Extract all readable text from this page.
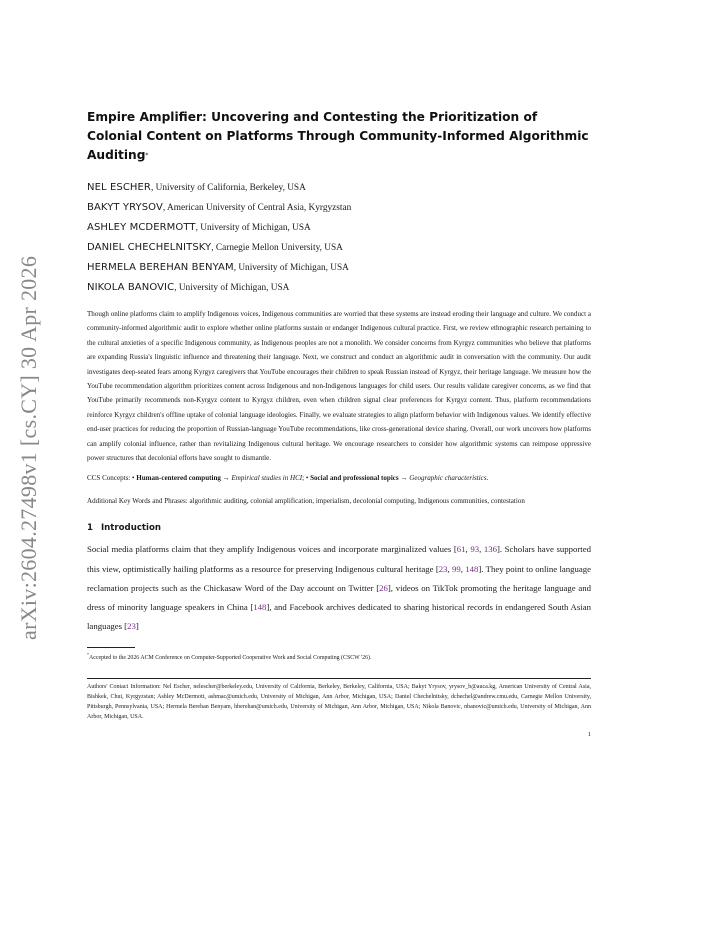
arXiv:2604.27498v1 [cs.CY] 30 Apr 2026
Empire Amplifier: Uncovering and Contesting the Prioritization of Colonial Content on Platforms Through Community-Informed Algorithmic Auditing*
NEL ESCHER, University of California, Berkeley, USA
BAKYT YRYSOV, American University of Central Asia, Kyrgyzstan
ASHLEY MCDERMOTT, University of Michigan, USA
DANIEL CHECHELNITSKY, Carnegie Mellon University, USA
HERMELA BEREHAN BENYAM, University of Michigan, USA
NIKOLA BANOVIC, University of Michigan, USA

Though online platforms claim to amplify Indigenous voices, Indigenous communities are worried that these systems are instead eroding their language and culture. We conduct a community-informed algorithmic audit to explore whether online platforms sustain or endanger Indigenous cultural practice. First, we review ethnographic research pertaining to the cultural anxieties of a specific Indigenous community, as Indigenous peoples are not a monolith. We consider concerns from Kyrgyz communities who believe that platforms are expanding Russia's linguistic influence and threatening their language. Next, we construct and conduct an algorithmic audit in conversation with the community. Our audit investigates deep-seated fears among Kyrgyz caregivers that YouTube encourages their children to speak Russian instead of Kyrgyz, their heritage language. We measure how the YouTube recommendation algorithm prioritizes content across Indigenous and non-Indigenous languages for child users. Our results validate caregiver concerns, as we find that YouTube primarily recommends non-Kyrgyz content to Kyrgyz children, even when children signal clear preferences for Kyrgyz content. Thus, platform recommendations reinforce Kyrgyz children's offline uptake of colonial language ideologies. Finally, we evaluate strategies to align platform behavior with Indigenous values. We identify effective end-user practices for reducing the proportion of Russian-language YouTube recommendations, like cross-generational device sharing. Overall, our work uncovers how platforms can amplify colonial influence, rather than revitalizing Indigenous cultural heritage. We encourage researchers to consider how algorithmic systems can reimpose oppressive power structures that decolonial efforts have sought to dismantle.

CCS Concepts: • Human-centered computing → Empirical studies in HCI; • Social and professional topics → Geographic characteristics.

Additional Key Words and Phrases: algorithmic auditing, colonial amplification, imperialism, decolonial computing, Indigenous communities, contestation

1 Introduction

Social media platforms claim that they amplify Indigenous voices and incorporate marginalized values [61, 93, 136]. Scholars have supported this view, optimistically hailing platforms as a resource for preserving Indigenous cultural heritage [23, 99, 148]. They point to online language reclamation projects such as the Chickasaw Word of the Day account on Twitter [26], videos on TikTok promoting the heritage language and dress of minority language speakers in China [148], and Facebook archives dedicated to sharing historical records in endangered South Asian languages [23]

*Accepted to the 2026 ACM Conference on Computer-Supported Cooperative Work and Social Computing (CSCW '26).

Authors' Contact Information: Nel Escher, nelescher@berkeley.edu, University of California, Berkeley, Berkeley, California, USA; Bakyt Yrysov, yrysov_b@auca.kg, American University of Central Asia, Bishkek, Chui, Kyrgyzstan; Ashley McDermott, ashmac@umich.edu, University of Michigan, Ann Arbor, Michigan, USA; Daniel Chechelnitsky, dchechel@andrew.cmu.edu, Carnegie Mellon University, Pittsburgh, Pennsylvania, USA; Hermela Berehan Benyam, hberehan@umich.edu, University of Michigan, Ann Arbor, Michigan, USA; Nikola Banovic, nbanovic@umich.edu, University of Michigan, Ann Arbor, Michigan, USA.

1
